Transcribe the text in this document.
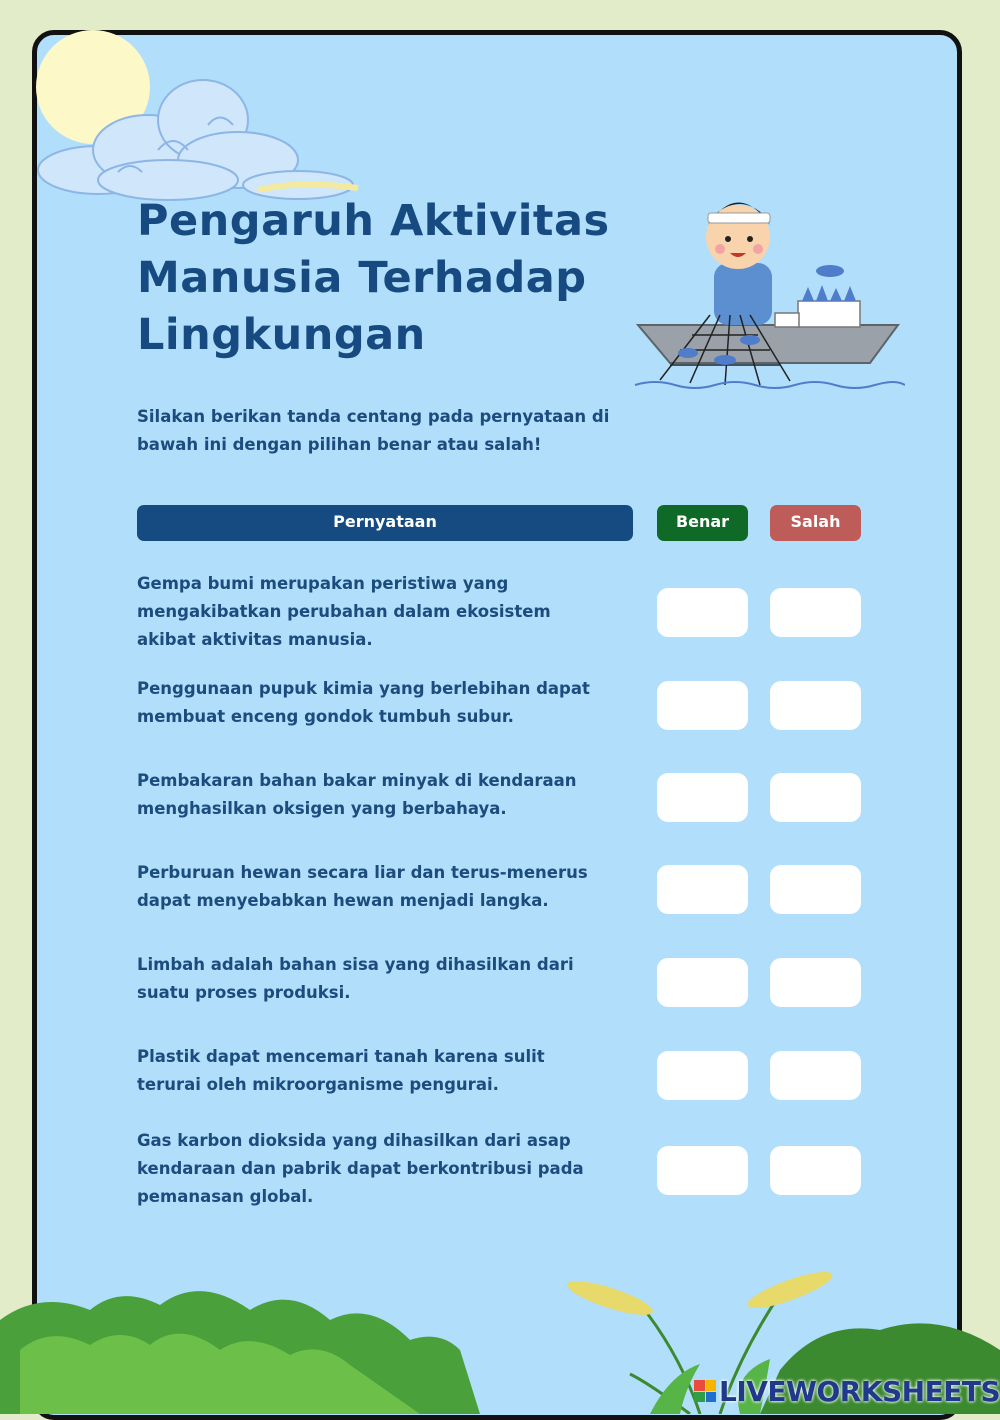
Pengaruh Aktivitas
Manusia Terhadap
Lingkungan

Silakan berikan tanda centang pada pernyataan di bawah ini dengan pilihan benar atau salah!

Pernyataan	Benar	Salah

Gempa bumi merupakan peristiwa yang mengakibatkan perubahan dalam ekosistem akibat aktivitas manusia.

Penggunaan pupuk kimia yang berlebihan dapat membuat enceng gondok tumbuh subur.

Pembakaran bahan bakar minyak di kendaraan menghasilkan oksigen yang berbahaya.

Perburuan hewan secara liar dan terus-menerus dapat menyebabkan hewan menjadi langka.

Limbah adalah bahan sisa yang dihasilkan dari suatu proses produksi.

Plastik dapat mencemari tanah karena sulit terurai oleh mikroorganisme pengurai.

Gas karbon dioksida yang dihasilkan dari asap kendaraan dan pabrik dapat berkontribusi pada pemanasan global.

LIVEWORKSHEETS
